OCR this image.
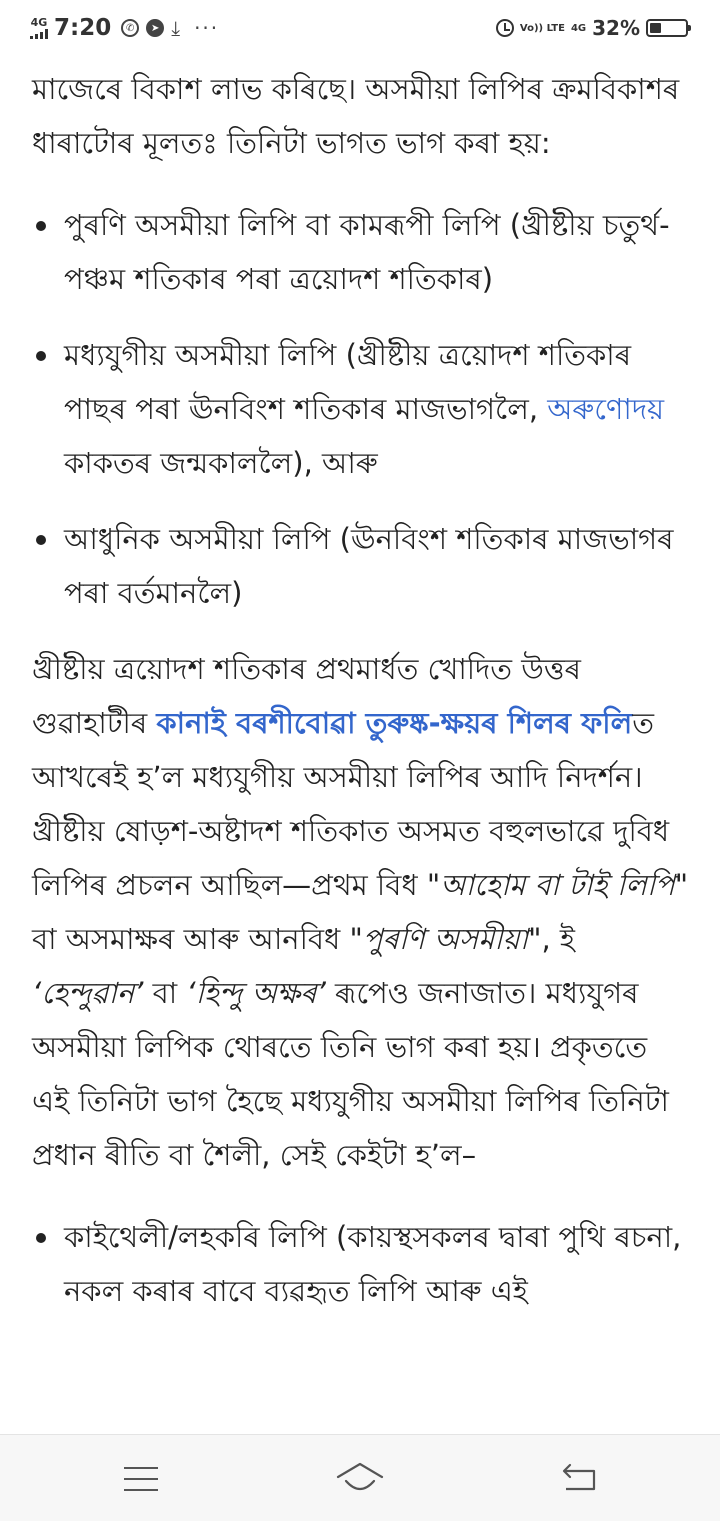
4G 7:20	✆	➤ ⤓ ···	Vo)) LTE 4G 32%

মাজেৰে বিকাশ লাভ কৰিছে। অসমীয়া লিপিৰ ক্ৰমবিকাশৰ ধাৰাটোৰ মূলতঃ তিনিটা ভাগত ভাগ কৰা হয়:

পুৰণি অসমীয়া লিপি বা কামৰূপী লিপি (খ্ৰীষ্টীয় চতুৰ্থ-পঞ্চম শতিকাৰ পৰা ত্ৰয়োদশ শতিকাৰ)
মধ্যযুগীয় অসমীয়া লিপি (খ্ৰীষ্টীয় ত্ৰয়োদশ শতিকাৰ পাছৰ পৰা ঊনবিংশ শতিকাৰ মাজভাগলৈ, অৰুণোদয় কাকতৰ জন্মকাললৈ), আৰু
আধুনিক অসমীয়া লিপি (ঊনবিংশ শতিকাৰ মাজভাগৰ পৰা বৰ্তমানলৈ)

খ্ৰীষ্টীয় ত্ৰয়োদশ শতিকাৰ প্ৰথমাৰ্ধত খোদিত উত্তৰ গুৱাহাটীৰ কানাই বৰশীবোৱা তুৰুষ্ক-ক্ষয়ৰ শিলৰ ফলিত আখৰেই হ’ল মধ্যযুগীয় অসমীয়া লিপিৰ আদি নিদৰ্শন। খ্ৰীষ্টীয় ষোড়শ-অষ্টাদশ শতিকাত অসমত বহুলভাৱে দুবিধ লিপিৰ প্ৰচলন আছিল—প্ৰথম বিধ "আহোম বা টাই লিপি" বা অসমাক্ষৰ আৰু আনবিধ "পুৰণি অসমীয়া", ই ‘হেন্দুৱান’ বা ‘হিন্দু অক্ষৰ’ ৰূপেও জনাজাত। মধ্যযুগৰ অসমীয়া লিপিক থোৰতে তিনি ভাগ কৰা হয়। প্ৰকৃততে এই তিনিটা ভাগ হৈছে মধ্যযুগীয় অসমীয়া লিপিৰ তিনিটা প্ৰধান ৰীতি বা শৈলী, সেই কেইটা হ’ল–

কাইথেলী/লহকৰি লিপি (কায়স্থসকলৰ দ্বাৰা পুথি ৰচনা, নকল কৰাৰ বাবে ব্যৱহৃত লিপি আৰু এই
